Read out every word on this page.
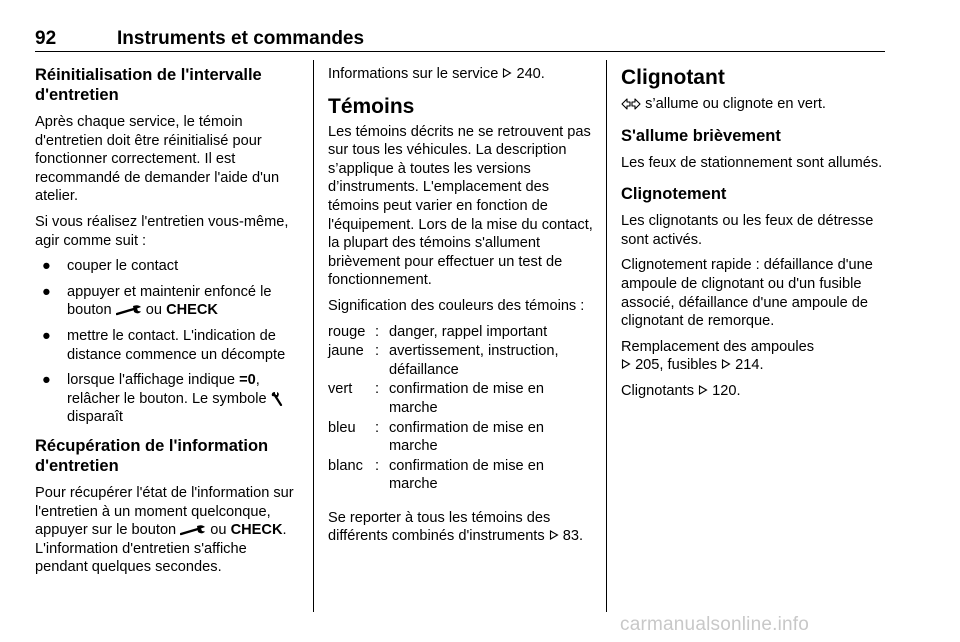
92	Instruments et commandes
Réinitialisation de l'intervalle d'entretien

Après chaque service, le témoin d'entretien doit être réinitialisé pour fonctionner correctement. Il est recommandé de demander l'aide d'un atelier.

Si vous réalisez l'entretien vous-même, agir comme suit :

● couper le contact
● appuyer et maintenir enfoncé le bouton ou CHECK
● mettre le contact. L'indication de distance commence un décompte
● lorsque l'affichage indique =0, relâcher le bouton. Le symbole  disparaît
Récupération de l'information d'entretien

Pour récupérer l'état de l'information sur l'entretien à un moment quelconque, appuyer sur le bouton ou CHECK. L'information d'entretien s'affiche pendant quelques secondes.

Informations sur le service 240.

Témoins

Les témoins décrits ne se retrouvent pas sur tous les véhicules. La description s’applique à toutes les versions d’instruments. L'emplacement des témoins peut varier en fonction de l'équipement. Lors de la mise du contact, la plupart des témoins s'allument brièvement pour effectuer un test de fonctionnement.

Signification des couleurs des témoins :

rouge	:	danger, rappel important
jaune	:	avertissement, instruction, défaillance
vert	:	confirmation de mise en marche
bleu	:	confirmation de mise en marche
blanc	:	confirmation de mise en marche

Se reporter à tous les témoins des différents combinés d'instruments 83.

Clignotant

s’allume ou clignote en vert.

S'allume brièvement

Les feux de stationnement sont allumés.

Clignotement

Les clignotants ou les feux de détresse sont activés.

Clignotement rapide : défaillance d'une ampoule de clignotant ou d'un fusible associé, défaillance d'une ampoule de clignotant de remorque.

Remplacement des ampoules
205, fusibles 214.

Clignotants 120.

carmanualsonline.info
